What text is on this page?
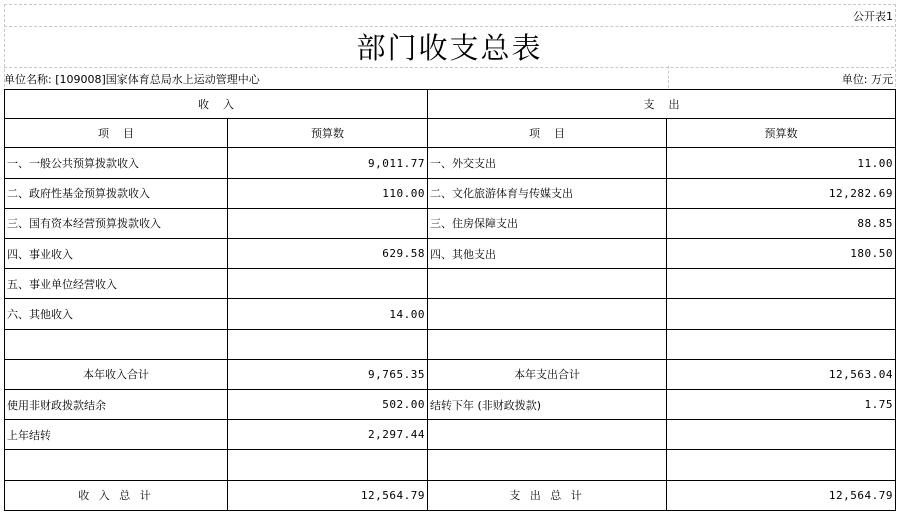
公开表1
部门收支总表
单位名称: [109008]国家体育总局水上运动管理中心	单位: 万元
收    入		支    出	
项    目	预算数	项    目	预算数
一、一般公共预算拨款收入	9,011.77	一、外交支出	11.00
二、政府性基金预算拨款收入	110.00	二、文化旅游体育与传媒支出	12,282.69
三、国有资本经营预算拨款收入		三、住房保障支出	88.85
四、事业收入	629.58	四、其他支出	180.50
五、事业单位经营收入			
六、其他收入	14.00		

本年收入合计	9,765.35	本年支出合计	12,563.04
使用非财政拨款结余	502.00	结转下年 (非财政拨款)	1.75
上年结转	2,297.44		

收 入 总 计	12,564.79	支 出 总 计	12,564.79
